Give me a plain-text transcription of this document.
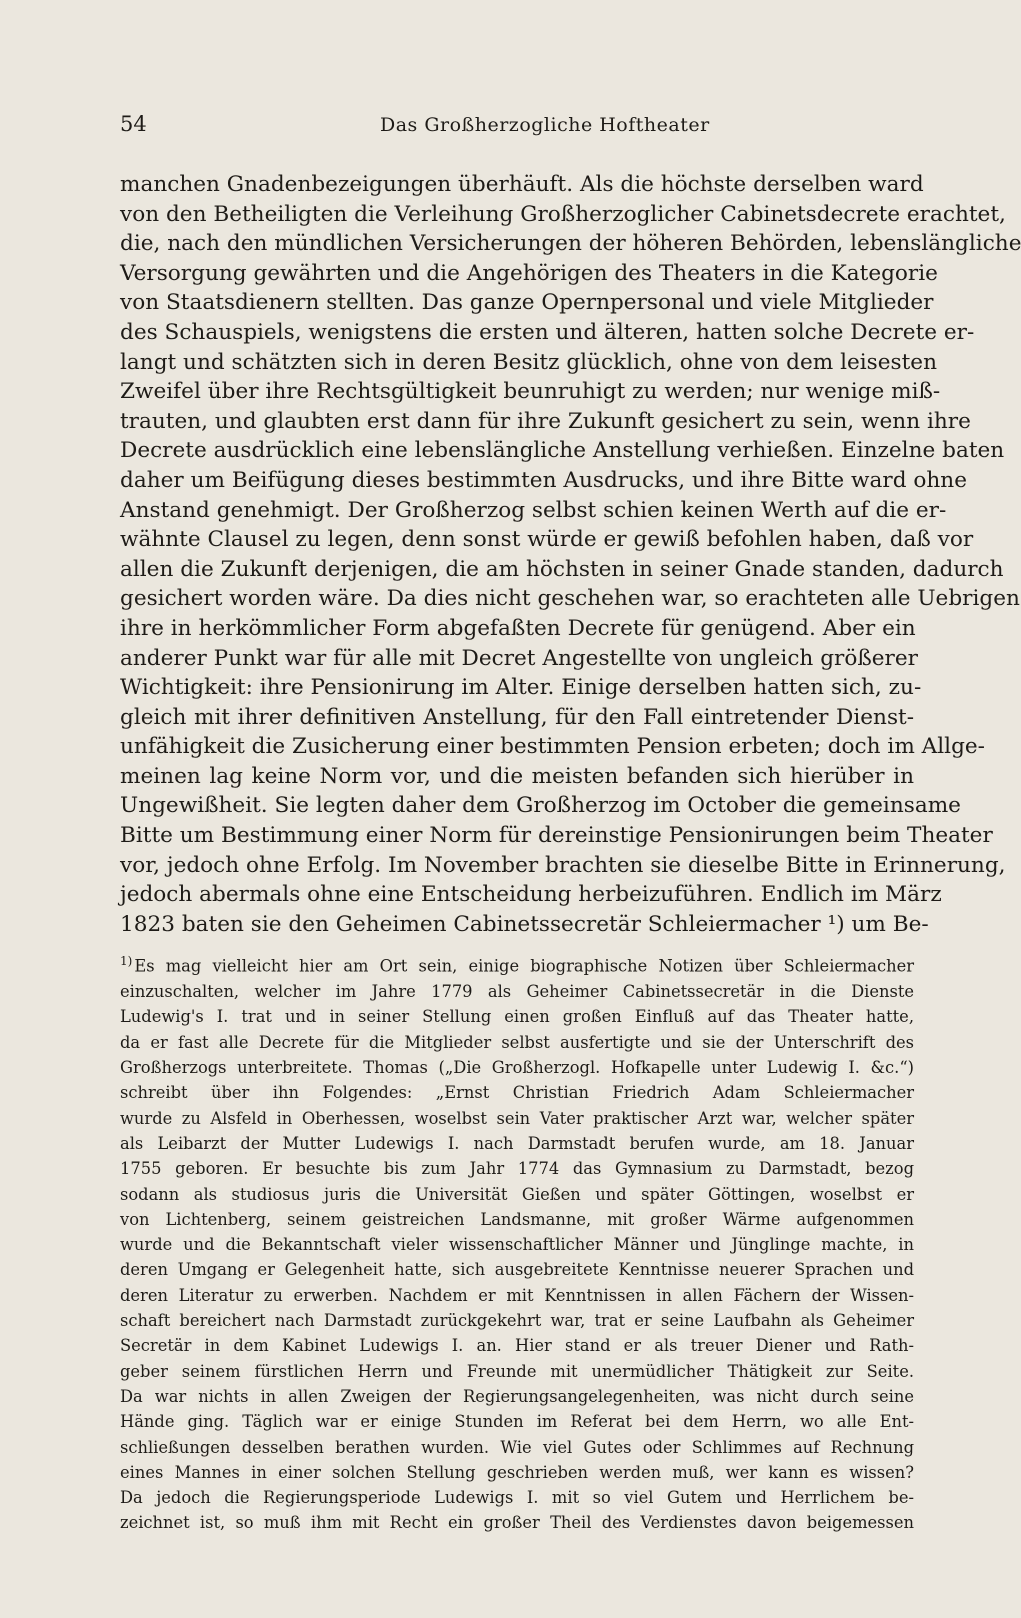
54	Das Großherzogliche Hoftheater
manchen Gnadenbezeigungen überhäuft. Als die höchste derselben ward
von den Betheiligten die Verleihung Großherzoglicher Cabinetsdecrete erachtet,
die, nach den mündlichen Versicherungen der höheren Behörden, lebenslängliche
Versorgung gewährten und die Angehörigen des Theaters in die Kategorie
von Staatsdienern stellten. Das ganze Opernpersonal und viele Mitglieder
des Schauspiels, wenigstens die ersten und älteren, hatten solche Decrete er-
langt und schätzten sich in deren Besitz glücklich, ohne von dem leisesten
Zweifel über ihre Rechtsgültigkeit beunruhigt zu werden; nur wenige miß-
trauten, und glaubten erst dann für ihre Zukunft gesichert zu sein, wenn ihre
Decrete ausdrücklich eine lebenslängliche Anstellung verhießen. Einzelne baten
daher um Beifügung dieses bestimmten Ausdrucks, und ihre Bitte ward ohne
Anstand genehmigt. Der Großherzog selbst schien keinen Werth auf die er-
wähnte Clausel zu legen, denn sonst würde er gewiß befohlen haben, daß vor
allen die Zukunft derjenigen, die am höchsten in seiner Gnade standen, dadurch
gesichert worden wäre. Da dies nicht geschehen war, so erachteten alle Uebrigen
ihre in herkömmlicher Form abgefaßten Decrete für genügend. Aber ein
anderer Punkt war für alle mit Decret Angestellte von ungleich größerer
Wichtigkeit: ihre Pensionirung im Alter. Einige derselben hatten sich, zu-
gleich mit ihrer definitiven Anstellung, für den Fall eintretender Dienst-
unfähigkeit die Zusicherung einer bestimmten Pension erbeten; doch im Allge-
meinen lag keine Norm vor, und die meisten befanden sich hierüber in
Ungewißheit. Sie legten daher dem Großherzog im October die gemeinsame
Bitte um Bestimmung einer Norm für dereinstige Pensionirungen beim Theater
vor, jedoch ohne Erfolg. Im November brachten sie dieselbe Bitte in Erinnerung,
jedoch abermals ohne eine Entscheidung herbeizuführen. Endlich im März
1823 baten sie den Geheimen Cabinetssecretär Schleiermacher ¹) um Be-
$^{1)}$ Es mag vielleicht hier am Ort sein, einige biographische Notizen über Schleiermacher
einzuschalten, welcher im Jahre 1779 als Geheimer Cabinetssecretär in die Dienste
Ludewig's I. trat und in seiner Stellung einen großen Einfluß auf das Theater hatte,
da er fast alle Decrete für die Mitglieder selbst ausfertigte und sie der Unterschrift des
Großherzogs unterbreitete. Thomas („Die Großherzogl. Hofkapelle unter Ludewig I. &c.“)
schreibt über ihn Folgendes: „Ernst Christian Friedrich Adam Schleiermacher
wurde zu Alsfeld in Oberhessen, woselbst sein Vater praktischer Arzt war, welcher später
als Leibarzt der Mutter Ludewigs I. nach Darmstadt berufen wurde, am 18. Januar
1755 geboren. Er besuchte bis zum Jahr 1774 das Gymnasium zu Darmstadt, bezog
sodann als studiosus juris die Universität Gießen und später Göttingen, woselbst er
von Lichtenberg, seinem geistreichen Landsmanne, mit großer Wärme aufgenommen
wurde und die Bekanntschaft vieler wissenschaftlicher Männer und Jünglinge machte, in
deren Umgang er Gelegenheit hatte, sich ausgebreitete Kenntnisse neuerer Sprachen und
deren Literatur zu erwerben. Nachdem er mit Kenntnissen in allen Fächern der Wissen-
schaft bereichert nach Darmstadt zurückgekehrt war, trat er seine Laufbahn als Geheimer
Secretär in dem Kabinet Ludewigs I. an. Hier stand er als treuer Diener und Rath-
geber seinem fürstlichen Herrn und Freunde mit unermüdlicher Thätigkeit zur Seite.
Da war nichts in allen Zweigen der Regierungsangelegenheiten, was nicht durch seine
Hände ging. Täglich war er einige Stunden im Referat bei dem Herrn, wo alle Ent-
schließungen desselben berathen wurden. Wie viel Gutes oder Schlimmes auf Rechnung
eines Mannes in einer solchen Stellung geschrieben werden muß, wer kann es wissen?
Da jedoch die Regierungsperiode Ludewigs I. mit so viel Gutem und Herrlichem be-
zeichnet ist, so muß ihm mit Recht ein großer Theil des Verdienstes davon beigemessen
